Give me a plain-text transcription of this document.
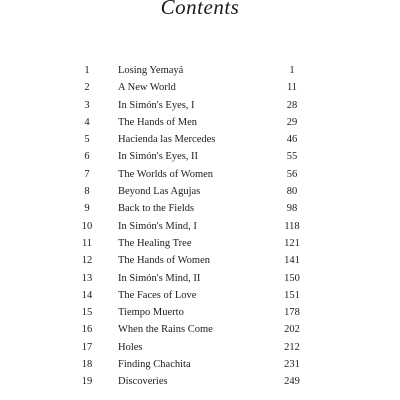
Contents
1	Losing Yemayá	1
2	A New World	11
3	In Simón's Eyes, I	28
4	The Hands of Men	29
5	Hacienda las Mercedes	46
6	In Simón's Eyes, II	55
7	The Worlds of Women	56
8	Beyond Las Agujas	80
9	Back to the Fields	98
10	In Simón's Mind, I	118
11	The Healing Tree	121
12	The Hands of Women	141
13	In Simón's Mind, II	150
14	The Faces of Love	151
15	Tiempo Muerto	178
16	When the Rains Come	202
17	Holes	212
18	Finding Chachita	231
19	Discoveries	249
